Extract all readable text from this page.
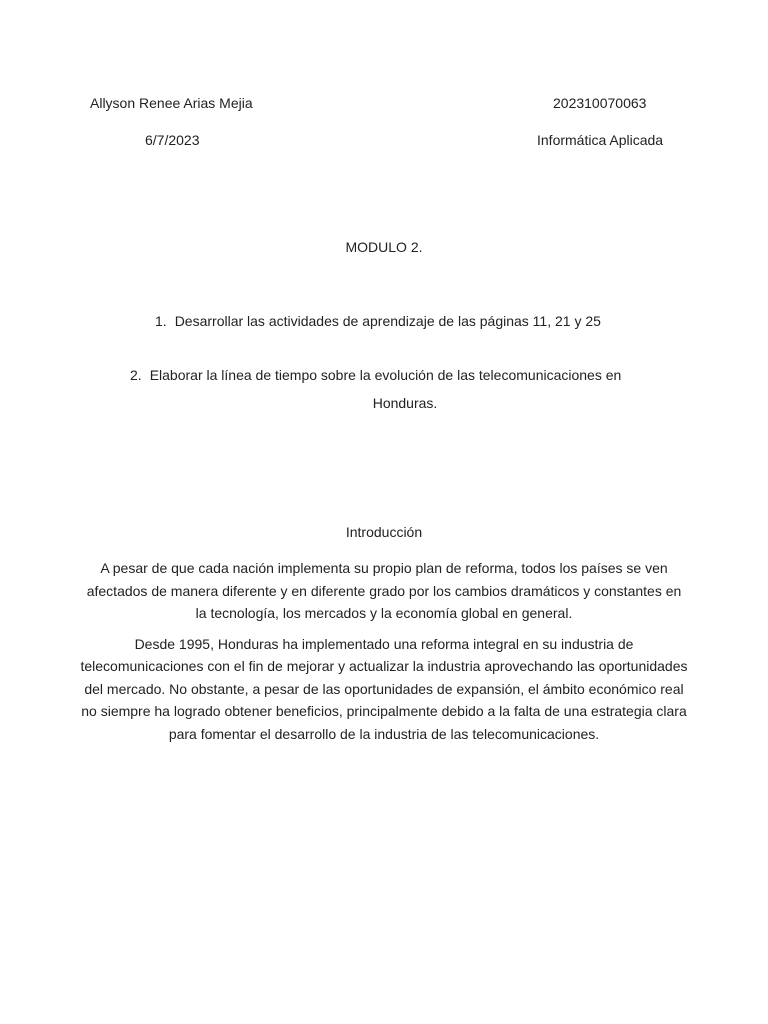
Allyson Renee Arias Mejia	202310070063
6/7/2023	Informática Aplicada
MODULO 2.
1. Desarrollar las actividades de aprendizaje de las páginas 11, 21 y 25
2. Elaborar la línea de tiempo sobre la evolución de las telecomunicaciones en
Honduras.
Introducción

A pesar de que cada nación implementa su propio plan de reforma, todos los países se ven afectados de manera diferente y en diferente grado por los cambios dramáticos y constantes en la tecnología, los mercados y la economía global en general.

Desde 1995, Honduras ha implementado una reforma integral en su industria de telecomunicaciones con el fin de mejorar y actualizar la industria aprovechando las oportunidades del mercado. No obstante, a pesar de las oportunidades de expansión, el ámbito económico real no siempre ha logrado obtener beneficios, principalmente debido a la falta de una estrategia clara para fomentar el desarrollo de la industria de las telecomunicaciones.
